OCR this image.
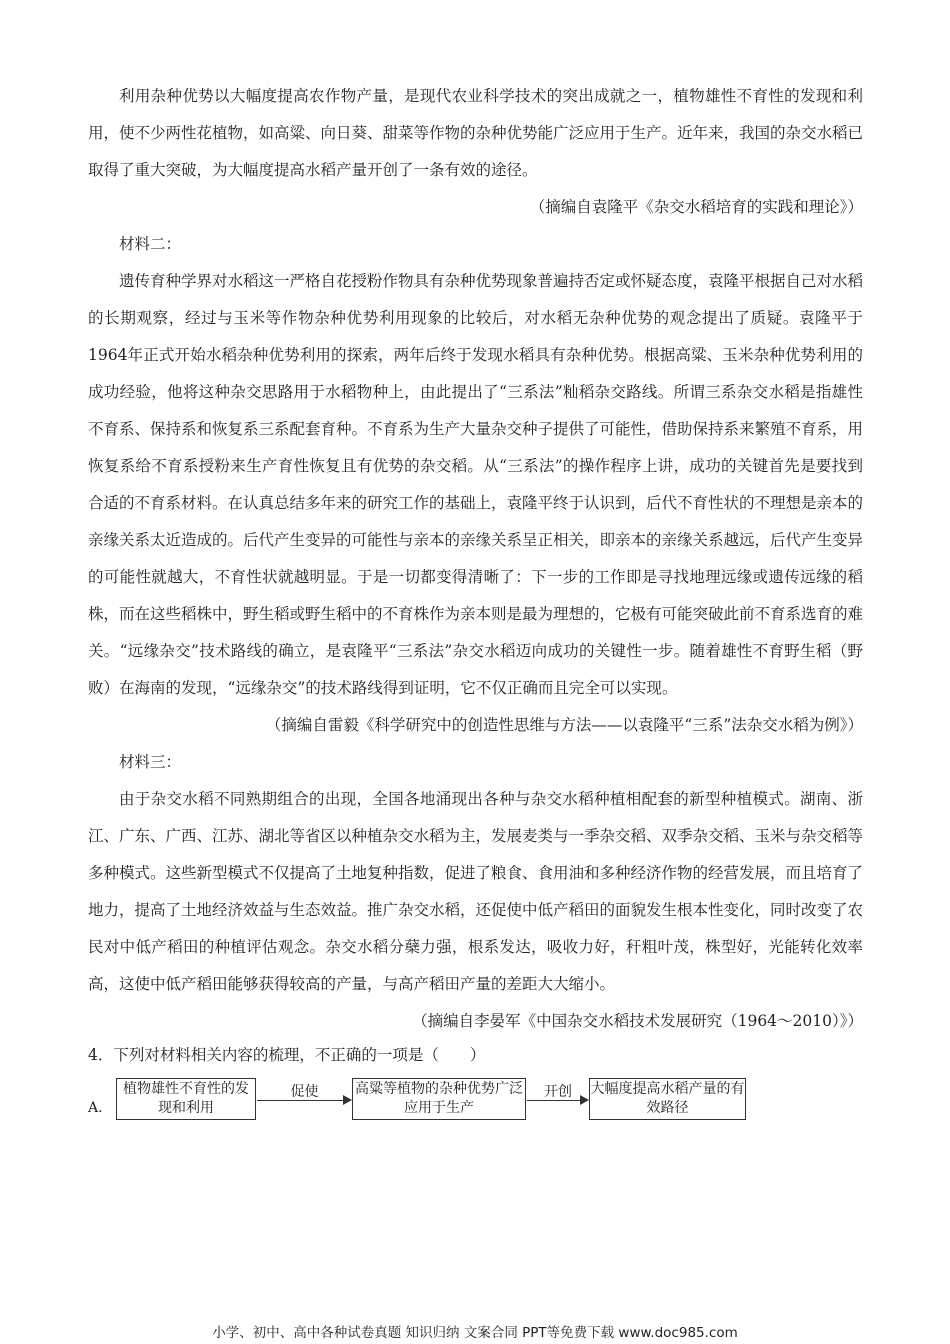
利用杂种优势以大幅度提高农作物产量，是现代农业科学技术的突出成就之一，植物雄性不育性的发现和利用，使不少两性花植物，如高粱、向日葵、甜菜等作物的杂种优势能广泛应用于生产。近年来，我国的杂交水稻已取得了重大突破，为大幅度提高水稻产量开创了一条有效的途径。

（摘编自袁隆平《杂交水稻培育的实践和理论》）

材料二：

遗传育种学界对水稻这一严格自花授粉作物具有杂种优势现象普遍持否定或怀疑态度，袁隆平根据自己对水稻的长期观察，经过与玉米等作物杂种优势利用现象的比较后，对水稻无杂种优势的观念提出了质疑。袁隆平于1964年正式开始水稻杂种优势利用的探索，两年后终于发现水稻具有杂种优势。根据高粱、玉米杂种优势利用的成功经验，他将这种杂交思路用于水稻物种上，由此提出了“三系法”籼稻杂交路线。所谓三系杂交水稻是指雄性不育系、保持系和恢复系三系配套育种。不育系为生产大量杂交种子提供了可能性，借助保持系来繁殖不育系，用恢复系给不育系授粉来生产育性恢复且有优势的杂交稻。从“三系法”的操作程序上讲，成功的关键首先是要找到合适的不育系材料。在认真总结多年来的研究工作的基础上，袁隆平终于认识到，后代不育性状的不理想是亲本的亲缘关系太近造成的。后代产生变异的可能性与亲本的亲缘关系呈正相关，即亲本的亲缘关系越远，后代产生变异的可能性就越大，不育性状就越明显。于是一切都变得清晰了：下一步的工作即是寻找地理远缘或遗传远缘的稻株，而在这些稻株中，野生稻或野生稻中的不育株作为亲本则是最为理想的，它极有可能突破此前不育系选育的难关。“远缘杂交”技术路线的确立，是袁隆平“三系法”杂交水稻迈向成功的关键性一步。随着雄性不育野生稻（野败）在海南的发现，“远缘杂交”的技术路线得到证明，它不仅正确而且完全可以实现。

（摘编自雷毅《科学研究中的创造性思维与方法——以袁隆平“三系”法杂交水稻为例》）

材料三：

由于杂交水稻不同熟期组合的出现，全国各地涌现出各种与杂交水稻种植相配套的新型种植模式。湖南、浙江、广东、广西、江苏、湖北等省区以种植杂交水稻为主，发展麦类与一季杂交稻、双季杂交稻、玉米与杂交稻等多种模式。这些新型模式不仅提高了土地复种指数，促进了粮食、食用油和多种经济作物的经营发展，而且培育了地力，提高了土地经济效益与生态效益。推广杂交水稻，还促使中低产稻田的面貌发生根本性变化，同时改变了农民对中低产稻田的种植评估观念。杂交水稻分蘖力强，根系发达，吸收力好，秆粗叶茂，株型好，光能转化效率高，这使中低产稻田能够获得较高的产量，与高产稻田产量的差距大大缩小。

（摘编自李晏军《中国杂交水稻技术发展研究（1964～2010）》）
4．下列对材料相关内容的梳理，不正确的一项是（　　）
A.
植物雄性不育性的发现和利用
促使	高粱等植物的杂种优势广泛应用于生产
开创	大幅度提高水稻产量的有效路径
小学、初中、高中各种试卷真题 知识归纳 文案合同 PPT等免费下载 www.doc985.com
